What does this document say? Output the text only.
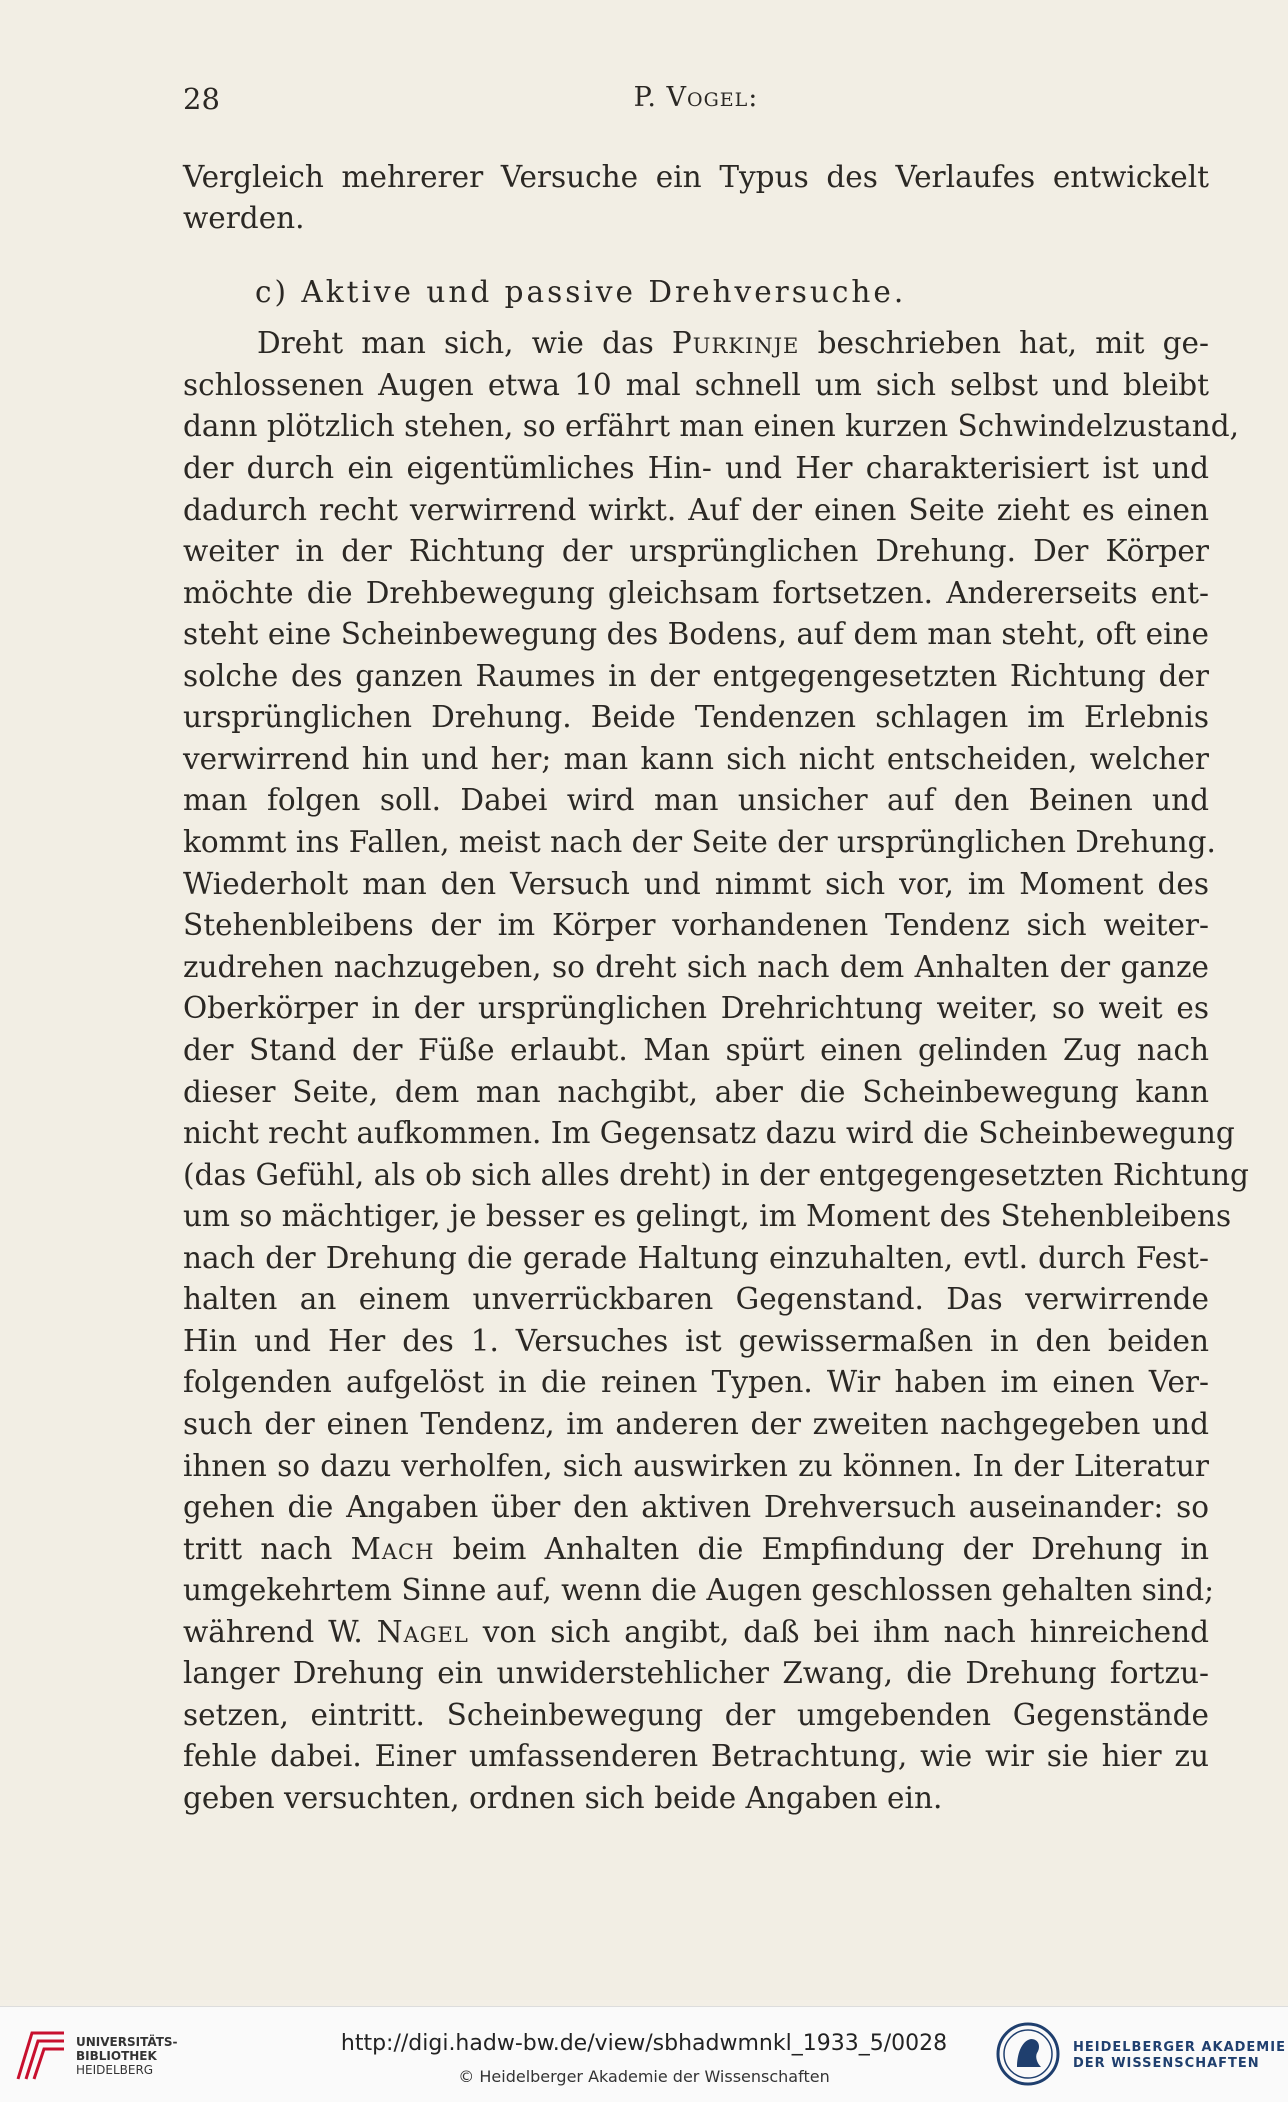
28	P. Vogel:
Vergleich mehrerer Versuche ein Typus des Verlaufes entwickelt
werden.
c) Aktive und passive Drehversuche.
Dreht man sich, wie das Purkinje beschrieben hat, mit ge-
schlossenen Augen etwa 10 mal schnell um sich selbst und bleibt
dann plötzlich stehen, so erfährt man einen kurzen Schwindelzustand,
der durch ein eigentümliches Hin- und Her charakterisiert ist und
dadurch recht verwirrend wirkt. Auf der einen Seite zieht es einen
weiter in der Richtung der ursprünglichen Drehung. Der Körper
möchte die Drehbewegung gleichsam fortsetzen. Andererseits ent-
steht eine Scheinbewegung des Bodens, auf dem man steht, oft eine
solche des ganzen Raumes in der entgegengesetzten Richtung der
ursprünglichen Drehung. Beide Tendenzen schlagen im Erlebnis
verwirrend hin und her; man kann sich nicht entscheiden, welcher
man folgen soll. Dabei wird man unsicher auf den Beinen und
kommt ins Fallen, meist nach der Seite der ursprünglichen Drehung.
Wiederholt man den Versuch und nimmt sich vor, im Moment des
Stehenbleibens der im Körper vorhandenen Tendenz sich weiter-
zudrehen nachzugeben, so dreht sich nach dem Anhalten der ganze
Oberkörper in der ursprünglichen Drehrichtung weiter, so weit es
der Stand der Füße erlaubt. Man spürt einen gelinden Zug nach
dieser Seite, dem man nachgibt, aber die Scheinbewegung kann
nicht recht aufkommen. Im Gegensatz dazu wird die Scheinbewegung
(das Gefühl, als ob sich alles dreht) in der entgegengesetzten Richtung
um so mächtiger, je besser es gelingt, im Moment des Stehenbleibens
nach der Drehung die gerade Haltung einzuhalten, evtl. durch Fest-
halten an einem unverrückbaren Gegenstand. Das verwirrende
Hin und Her des 1. Versuches ist gewissermaßen in den beiden
folgenden aufgelöst in die reinen Typen. Wir haben im einen Ver-
such der einen Tendenz, im anderen der zweiten nachgegeben und
ihnen so dazu verholfen, sich auswirken zu können. In der Literatur
gehen die Angaben über den aktiven Drehversuch auseinander: so
tritt nach Mach beim Anhalten die Empfindung der Drehung in
umgekehrtem Sinne auf, wenn die Augen geschlossen gehalten sind;
während W. Nagel von sich angibt, daß bei ihm nach hinreichend
langer Drehung ein unwiderstehlicher Zwang, die Drehung fortzu-
setzen, eintritt. Scheinbewegung der umgebenden Gegenstände
fehle dabei. Einer umfassenderen Betrachtung, wie wir sie hier zu
geben versuchten, ordnen sich beide Angaben ein.
UNIVERSITÄTS-
BIBLIOTHEK
HEIDELBERG
http://digi.hadw-bw.de/view/sbhadwmnkl_1933_5/0028
© Heidelberger Akademie der Wissenschaften
HEIDELBERGER AKADEMIE
DER WISSENSCHAFTEN
